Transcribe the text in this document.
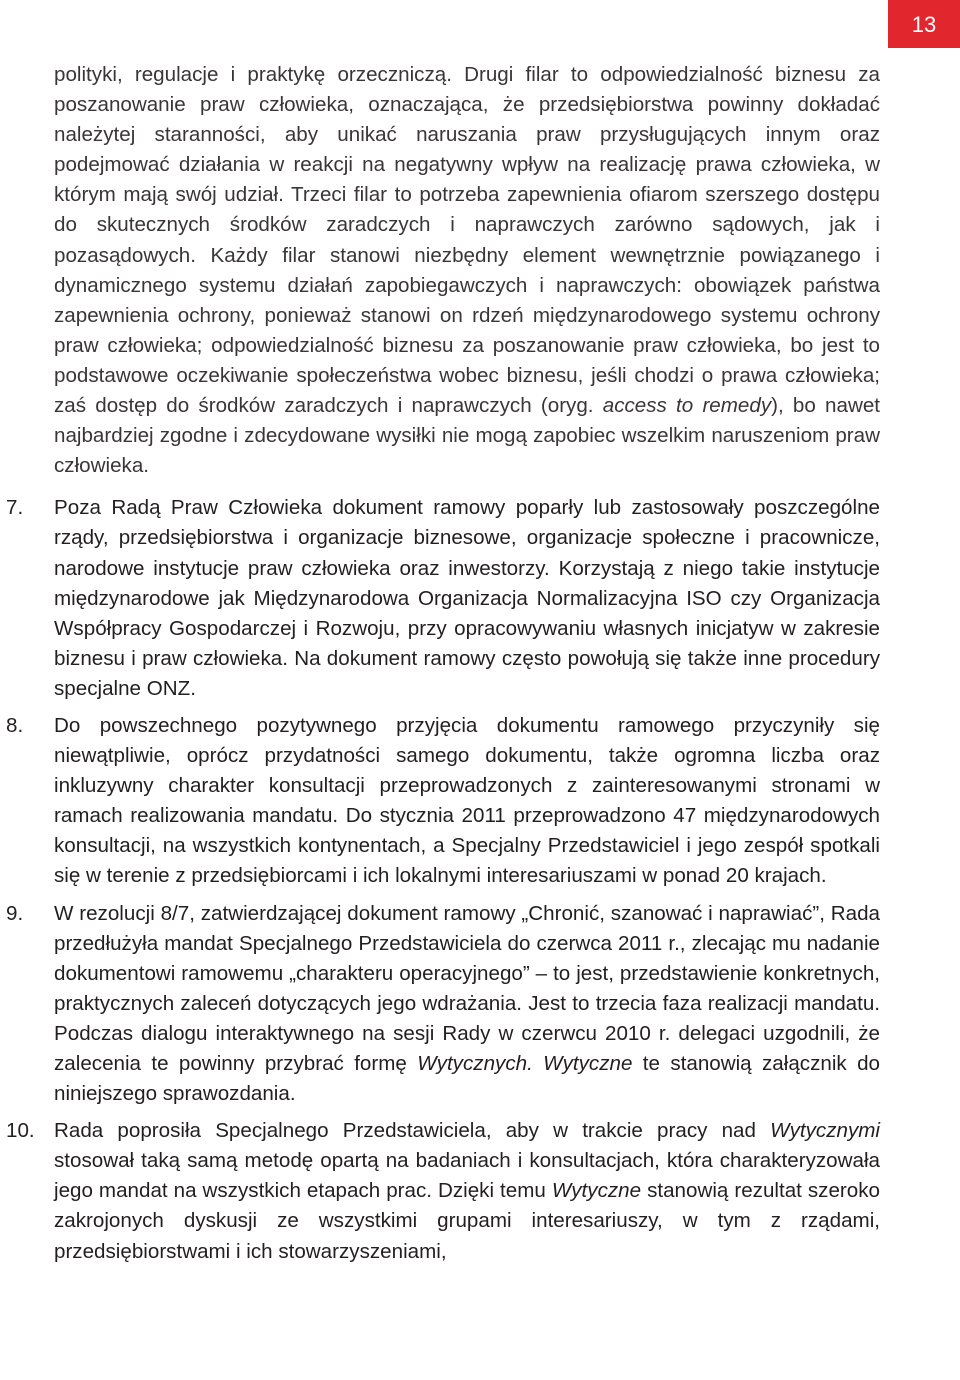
13

polityki, regulacje i praktykę orzeczniczą. Drugi filar to odpowiedzialność biznesu za poszanowanie praw człowieka, oznaczająca, że przedsiębiorstwa powinny dokładać należytej staranności, aby unikać naruszania praw przysługujących innym oraz podejmować działania w reakcji na negatywny wpływ na realizację prawa człowieka, w którym mają swój udział. Trzeci filar to potrzeba zapewnienia ofiarom szerszego dostępu do skutecznych środków zaradczych i naprawczych zarówno sądowych, jak i pozasądowych. Każdy filar stanowi niezbędny element wewnętrznie powiązanego i dynamicznego systemu działań zapobiegawczych i naprawczych: obowiązek państwa zapewnienia ochrony, ponieważ stanowi on rdzeń międzynarodowego systemu ochrony praw człowieka; odpowiedzialność biznesu za poszanowanie praw człowieka, bo jest to podstawowe oczekiwanie społeczeństwa wobec biznesu, jeśli chodzi o prawa człowieka; zaś dostęp do środków zaradczych i naprawczych (oryg. access to remedy), bo nawet najbardziej zgodne i zdecydowane wysiłki nie mogą zapobiec wszelkim naruszeniom praw człowieka.

7.	Poza Radą Praw Człowieka dokument ramowy poparły lub zastosowały poszczególne rządy, przedsiębiorstwa i organizacje biznesowe, organizacje społeczne i pracownicze, narodowe instytucje praw człowieka oraz inwestorzy. Korzystają z niego takie instytucje międzynarodowe jak Międzynarodowa Organizacja Normalizacyjna ISO czy Organizacja Współpracy Gospodarczej i Rozwoju, przy opracowywaniu własnych inicjatyw w zakresie biznesu i praw człowieka. Na dokument ramowy często powołują się także inne procedury specjalne ONZ.

8.	Do powszechnego pozytywnego przyjęcia dokumentu ramowego przyczyniły się niewątpliwie, oprócz przydatności samego dokumentu, także ogromna liczba oraz inkluzywny charakter konsultacji przeprowadzonych z zainteresowanymi stronami w ramach realizowania mandatu. Do stycznia 2011 przeprowadzono 47 międzynarodowych konsultacji, na wszystkich kontynentach, a Specjalny Przedstawiciel i jego zespół spotkali się w terenie z przedsiębiorcami i ich lokalnymi interesariuszami w ponad 20 krajach.

9.	W rezolucji 8/7, zatwierdzającej dokument ramowy „Chronić, szanować i naprawiać”, Rada przedłużyła mandat Specjalnego Przedstawiciela do czerwca 2011 r., zlecając mu nadanie dokumentowi ramowemu „charakteru operacyjnego” – to jest, przedstawienie konkretnych, praktycznych zaleceń dotyczących jego wdrażania. Jest to trzecia faza realizacji mandatu. Podczas dialogu interaktywnego na sesji Rady w czerwcu 2010 r. delegaci uzgodnili, że zalecenia te powinny przybrać formę Wytycznych. Wytyczne te stanowią załącznik do niniejszego sprawozdania.

10. Rada poprosiła Specjalnego Przedstawiciela, aby w trakcie pracy nad Wytycznymi stosował taką samą metodę opartą na badaniach i konsultacjach, która charakteryzowała jego mandat na wszystkich etapach prac. Dzięki temu Wytyczne stanowią rezultat szeroko zakrojonych dyskusji ze wszystkimi grupami interesariuszy, w tym z rządami, przedsiębiorstwami i ich stowarzyszeniami,
